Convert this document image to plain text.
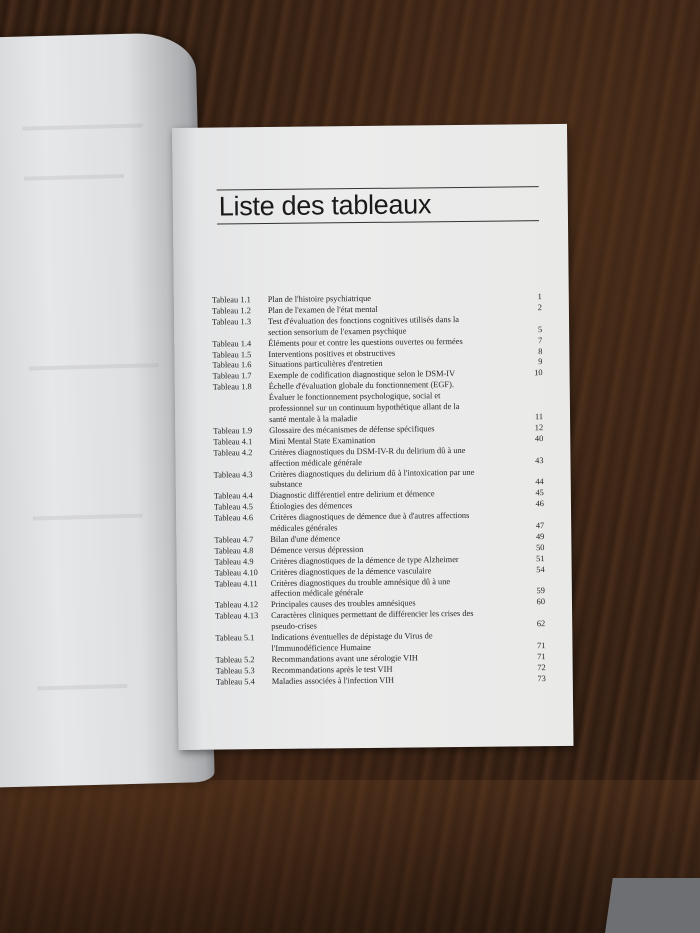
Liste des tableaux
Tableau 1.1	Plan de l'histoire psychiatrique	1
Tableau 1.2	Plan de l'examen de l'état mental	2
Tableau 1.3	Test d'évaluation des fonctions cognitives utilisés dans la
section sensorium de l'examen psychique	5
Tableau 1.4	Éléments pour et contre les questions ouvertes ou fermées	7
Tableau 1.5	Interventions positives et obstructives	8
Tableau 1.6	Situations particulières d'entretien	9
Tableau 1.7	Exemple de codification diagnostique selon le DSM-IV	10
Tableau 1.8	Échelle d'évaluation globale du fonctionnement (EGF).
Évaluer le fonctionnement psychologique, social et
professionnel sur un continuum hypothétique allant de la
santé mentale à la maladie	11
Tableau 1.9	Glossaire des mécanismes de défense spécifiques	12
Tableau 4.1	Mini Mental State Examination	40
Tableau 4.2	Critères diagnostiques du DSM-IV-R du delirium dû à une
affection médicale générale	43
Tableau 4.3	Critères diagnostiques du delirium dû à l'intoxication par une
substance	44
Tableau 4.4	Diagnostic différentiel entre delirium et démence	45
Tableau 4.5	Étiologies des démences	46
Tableau 4.6	Critères diagnostiques de démence due à d'autres affections
médicales générales	47
Tableau 4.7	Bilan d'une démence	49
Tableau 4.8	Démence versus dépression	50
Tableau 4.9	Critères diagnostiques de la démence de type Alzheimer	51
Tableau 4.10	Critères diagnostiques de la démence vasculaire	54
Tableau 4.11	Critères diagnostiques du trouble amnésique dû à une
affection médicale générale	59
Tableau 4.12	Principales causes des troubles amnésiques	60
Tableau 4.13	Caractères cliniques permettant de différencier les crises des
pseudo-crises	62
Tableau 5.1	Indications éventuelles de dépistage du Virus de
l'Immunodéficience Humaine	71
Tableau 5.2	Recommandations avant une sérologie VIH	71
Tableau 5.3	Recommandations après le test VIH	72
Tableau 5.4	Maladies associées à l'infection VIH	73
